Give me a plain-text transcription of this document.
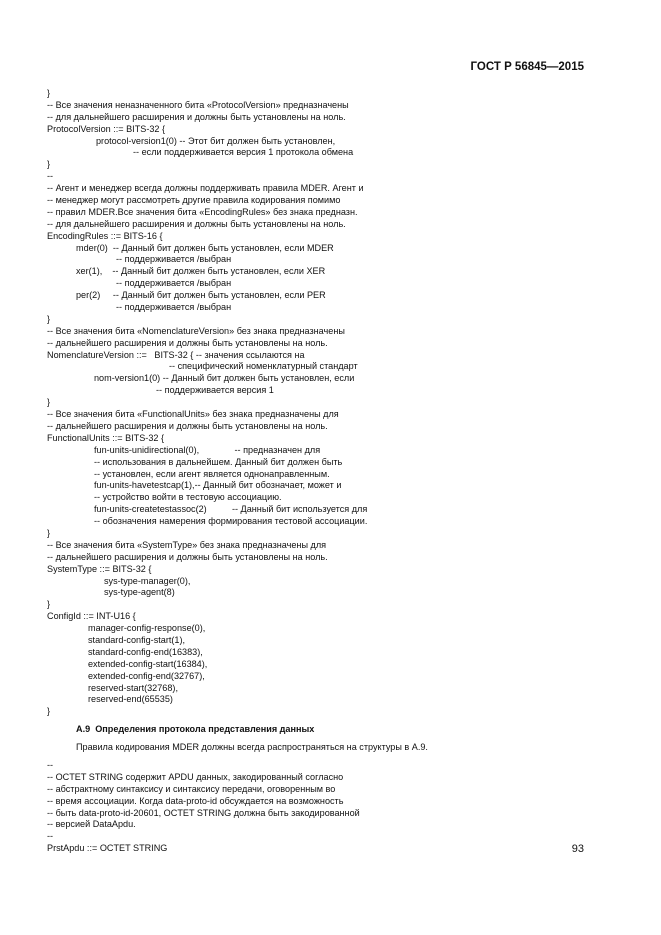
ГОСТ Р 56845—2015
}
-- Все значения неназначенного бита «ProtocolVersion» предназначены
-- для дальнейшего расширения и должны быть установлены на ноль.
ProtocolVersion ::= BITS-32 {
protocol-version1(0) -- Этот бит должен быть установлен,
-- если поддерживается версия 1 протокола обмена
}
--
-- Агент и менеджер всегда должны поддерживать правила MDER. Агент и
-- менеджер могут рассмотреть другие правила кодирования помимо
-- правил MDER.Все значения бита «EncodingRules» без знака предназн.
-- для дальнейшего расширения и должны быть установлены на ноль.
EncodingRules ::= BITS-16 {
mder(0)  -- Данный бит должен быть установлен, если MDER
-- поддерживается /выбран
xer(1),    -- Данный бит должен быть установлен, если XER
-- поддерживается /выбран
per(2)     -- Данный бит должен быть установлен, если PER
-- поддерживается /выбран
}
-- Все значения бита «NomenclatureVersion» без знака предназначены
-- дальнейшего расширения и должны быть установлены на ноль.
NomenclatureVersion ::=   BITS-32 { -- значения ссылаются на
-- специфический номенклатурный стандарт
nom-version1(0) -- Данный бит должен быть установлен, если
-- поддерживается версия 1
}
-- Все значения бита «FunctionalUnits» без знака предназначены для
-- дальнейшего расширения и должны быть установлены на ноль.
FunctionalUnits ::= BITS-32 {
fun-units-unidirectional(0),              -- предназначен для
-- использования в дальнейшем. Данный бит должен быть
-- установлен, если агент является однонаправленным.
fun-units-havetestcap(1),-- Данный бит обозначает, может и
-- устройство войти в тестовую ассоциацию.
fun-units-createtestassoc(2)          -- Данный бит используется для
-- обозначения намерения формирования тестовой ассоциации.
}
-- Все значения бита «SystemType» без знака предназначены для
-- дальнейшего расширения и должны быть установлены на ноль.
SystemType ::= BITS-32 {
sys-type-manager(0),
sys-type-agent(8)
}
ConfigId ::= INT-U16 {
manager-config-response(0),
standard-config-start(1),
standard-config-end(16383),
extended-config-start(16384),
extended-config-end(32767),
reserved-start(32768),
reserved-end(65535)
}
A.9  Определения протокола представления данных
Правила кодирования MDER должны всегда распространяться на структуры в А.9.
--
-- OCTET STRING содержит APDU данных, закодированный согласно
-- абстрактному синтаксису и синтаксису передачи, оговоренным во
-- время ассоциации. Когда data-proto-id обсуждается на возможность
-- быть data-proto-id-20601, OCTET STRING должна быть закодированной
-- версией DataApdu.
--
PrstApdu ::= OCTET STRING	93
